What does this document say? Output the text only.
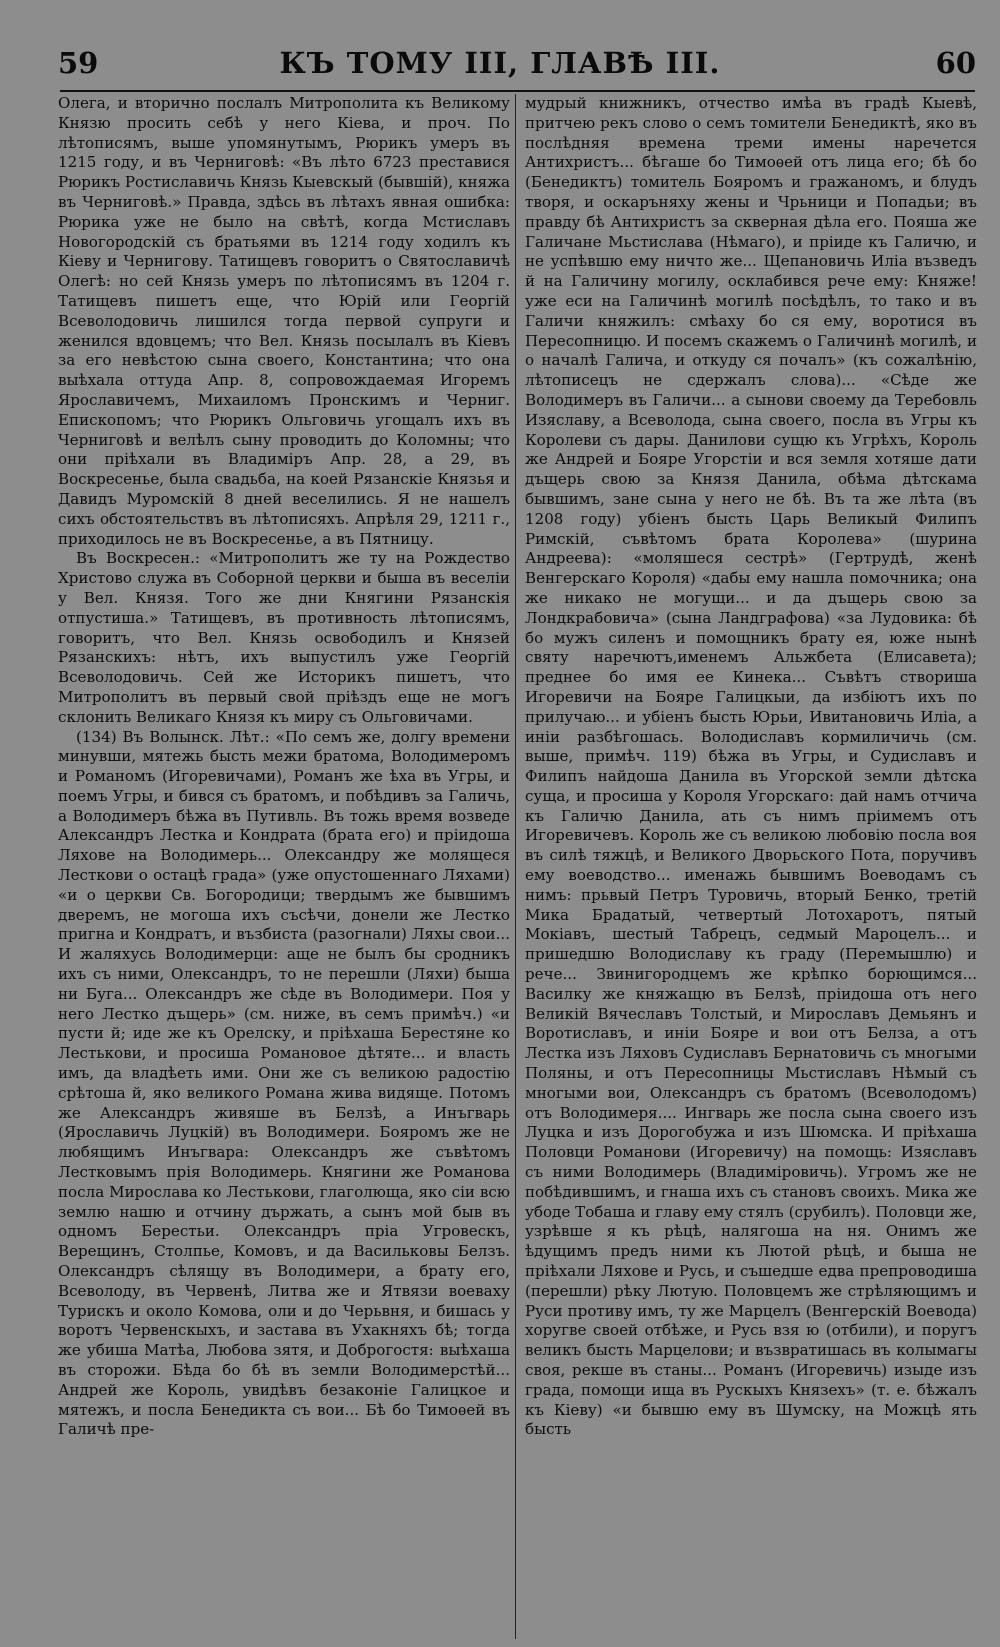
59	КЪ ТОМУ III, ГЛАВѢ III.	60

Олега, и вторично послалъ Митрополита къ Великому Князю просить себѣ у него Кіева, и проч. По лѣтописямъ, выше упомянутымъ, Рюрикъ умеръ въ 1215 году, и въ Черниговѣ: «Въ лѣто 6723 преставися Рюрикъ Ростиславичь Князь Кыевскый (бывшій), княжа въ Черниговѣ.» Правда, здѣсь въ лѣтахъ явная ошибка: Рюрика уже не было на свѣтѣ, когда Мстиславъ Новогородскій съ братьями въ 1214 году ходилъ къ Кіеву и Чернигову. Татищевъ говоритъ о Святославичѣ Олегѣ: но сей Князь умеръ по лѣтописямъ въ 1204 г. Татищевъ пишетъ еще, что Юрій или Георгій Всеволодовичь лишился тогда первой супруги и женился вдовцемъ; что Вел. Князь посылалъ въ Кіевъ за его невѣстою сына своего, Константина; что она выѣхала оттуда Апр. 8, сопровождаемая Игоремъ Ярославичемъ, Михаиломъ Пронскимъ и Черниг. Епископомъ; что Рюрикъ Ольговичь угощалъ ихъ въ Черниговѣ и велѣлъ сыну проводить до Коломны; что они пріѣхали въ Владиміръ Апр. 28, а 29, въ Воскресенье, была свадьба, на коей Рязанскіе Князья и Давидъ Муромскій 8 дней веселились. Я не нашелъ сихъ обстоятельствъ въ лѣтописяхъ. Апрѣля 29, 1211 г., приходилось не въ Воскресенье, а въ Пятницу.

Въ Воскресен.: «Митрополитъ же ту на Рождество Христово служа въ Соборной церкви и быша въ веселіи у Вел. Князя. Того же дни Княгини Рязанскія отпустиша.» Татищевъ, въ противность лѣтописямъ, говоритъ, что Вел. Князь освободилъ и Князей Рязанскихъ: нѣтъ, ихъ выпустилъ уже Георгій Всеволодовичь. Сей же Историкъ пишетъ, что Митрополитъ въ первый свой пріѣздъ еще не могъ склонить Великаго Князя къ миру съ Ольговичами.

(134) Въ Волынск. Лѣт.: «По семъ же, долгу времени минувши, мятежь бысть межи братома, Володимеромъ и Романомъ (Игоревичами), Романъ же ѣха въ Угры, и поемъ Угры, и бився съ братомъ, и побѣдивъ за Галичь, а Володимеръ бѣжа въ Путивль. Въ тожь время возведе Александръ Лестка и Кондрата (брата его) и пріидоша Ляхове на Володимерь... Олександру же молящеся Лесткови о остацѣ града» (уже опустошеннаго Ляхами) «и о церкви Св. Богородици; твердымъ же бывшимъ дверемъ, не могоша ихъ съсѣчи, донели же Лестко пригна и Кондратъ, и възбиста (разогнали) Ляхы свои... И жаляхусь Володимерци: аще не былъ бы сродникъ ихъ съ ними, Олександръ, то не перешли (Ляхи) быша ни Буга... Олександръ же сѣде въ Володимери. Поя у него Лестко дъщерь» (см. ниже, въ семъ примѣч.) «и пусти й; иде же къ Орелску, и пріѣхаша Берестяне ко Лестькови, и просиша Романовое дѣтяте... и власть имъ, да владѣеть ими. Они же съ великою радостію срѣтоша й, яко великого Романа жива видяще. Потомъ же Александръ живяше въ Белзѣ, а Инъгварь (Ярославичь Луцкій) въ Володимери. Бояромъ же не любящимъ Инъгвара: Олександръ же съвѣтомъ Лестковымъ прія Володимерь. Княгини же Романова посла Мирослава ко Лестькови, глаголюща, яко сіи всю землю нашю и отчину държать, а сынъ мой быв въ одномъ Берестьи. Олександръ пріа Угровескъ, Верещинъ, Столпье, Комовъ, и да Васильковы Белзъ. Олександръ сѣлящу въ Володимери, а брату его, Всеволоду, въ Червенѣ, Литва же и Ятвязи воеваху Турискъ и около Комова, оли и до Черьвня, и бишась у воротъ Червенскыхъ, и застава въ Ухакняхъ бѣ; тогда же убиша Матѣа, Любова зятя, и Доброгостя: выѣхаша въ сторожи. Бѣда бо бѣ въ земли Володимерстѣй... Андрей же Король, увидѣвъ безаконіе Галицкое и мятежъ, и посла Бенедикта съ вои... Бѣ бо Тимоѳей въ Галичѣ пре-

мудрый книжникъ, отчество имѣа въ градѣ Кыевѣ, притчею рекъ слово о семъ томители Бенедиктѣ, яко въ послѣдняя времена треми имены наречется Антихристъ... бѣгаше бо Тимоѳей отъ лица его; бѣ бо (Бенедиктъ) томитель Бояромъ и гражаномъ, и блудъ творя, и оскаръняху жены и Чрьници и Попадьи; въ правду бѣ Антихристъ за скверная дѣла его. Пояша же Галичане Мьстислава (Нѣмаго), и пріиде къ Галичю, и не успѣвшю ему ничто же... Щепановичь Иліа възведъ й на Галичину могилу, осклабився рече ему: Княже! уже еси на Галичинѣ могилѣ посѣдѣлъ, то тако и въ Галичи княжилъ: смѣаху бо ся ему, воротися въ Пересопницю. И посемъ скажемъ о Галичинѣ могилѣ, и о началѣ Галича, и откуду ся почалъ» (къ сожалѣнію, лѣтописецъ не сдержалъ слова)... «Сѣде же Володимеръ въ Галичи... а сынови своему да Теребовль Изяславу, а Всеволода, сына своего, посла въ Угры къ Королеви съ дары. Данилови сущю къ Угрѣхъ, Король же Андрей и Бояре Угорстіи и вся земля хотяше дати дъщерь свою за Князя Данила, обѣма дѣтскама бывшимъ, зане сына у него не бѣ. Въ та же лѣта (въ 1208 году) убіенъ бысть Царь Великый Филипъ Римскій, съвѣтомъ брата Королева» (шурина Андреева): «моляшеся сестрѣ» (Гертрудѣ, женѣ Венгерскаго Короля) «дабы ему нашла помочника; она же никако не могущи... и да дъщерь свою за Лондкрабовича» (сына Ландграфова) «за Лудовика: бѣ бо мужъ силенъ и помощникъ брату ея, юже нынѣ святу наречютъ,именемъ Альжбета (Елисавета); преднее бо имя ее Кинека... Съвѣтъ створиша Игоревичи на Бояре Галицкыи, да избіютъ ихъ по прилучаю... и убіенъ бысть Юрьи, Ивитановичь Иліа, а иніи разбѣгошась. Володиславъ кормиличичь (см. выше, примѣч. 119) бѣжа въ Угры, и Судиславъ и Филипъ найдоша Данила въ Угорской земли дѣтска суща, и просиша у Короля Угорскаго: дай намъ отчича къ Галичю Данила, ать съ нимъ пріимемъ отъ Игоревичевъ. Король же съ великою любовію посла воя въ силѣ тяжцѣ, и Великого Дворьского Пота, поручивъ ему воеводство... именажь бывшимъ Воеводамъ съ нимъ: прьвый Петръ Туровичь, вторый Бенко, третій Мика Брадатый, четвертый Лотохаротъ, пятый Мокіавъ, шестый Табрецъ, седмый Мароцелъ... и пришедшю Володиславу къ граду (Перемышлю) и рече... Звинигородцемъ же крѣпко борющимся... Василку же княжащю въ Белзѣ, пріидоша отъ него Великій Вячеславъ Толстый, и Мирославъ Демьянъ и Воротиславъ, и иніи Бояре и вои отъ Белза, а отъ Лестка изъ Ляховъ Судиславъ Бернатовичь съ многыми Поляны, и отъ Пересопницы Мьстиславъ Нѣмый съ многыми вои, Олександръ съ братомъ (Всеволодомъ) отъ Володимеря.... Ингварь же посла сына своего изъ Луцка и изъ Дорогобужа и изъ Шюмска. И пріѣхаша Половци Романови (Игоревичу) на помощь: Изяславъ съ ними Володимерь (Владиміровичь). Угромъ же не побѣдившимъ, и гнаша ихъ съ становъ своихъ. Мика же убоде Тобаша и главу ему стялъ (срубилъ). Половци же, узрѣвше я къ рѣцѣ, налягоша на ня. Онимъ же ѣдущимъ предъ ними къ Лютой рѣцѣ, и быша не пріѣхали Ляхове и Русь, и съшедше едва препроводиша (перешли) рѣку Лютую. Половцемъ же стрѣляющимъ и Руси противу имъ, ту же Марцелъ (Венгерскій Воевода) хоругве своей отбѣже, и Русь взя ю (отбили), и поругъ великъ бысть Марцелови; и възвратишась въ колымагы своя, рекше въ станы... Романъ (Игоревичь) изыде изъ града, помощи ища въ Рускыхъ Князехъ» (т. е. бѣжалъ къ Кіеву) «и бывшю ему въ Шумску, на Можцѣ ять бысть
